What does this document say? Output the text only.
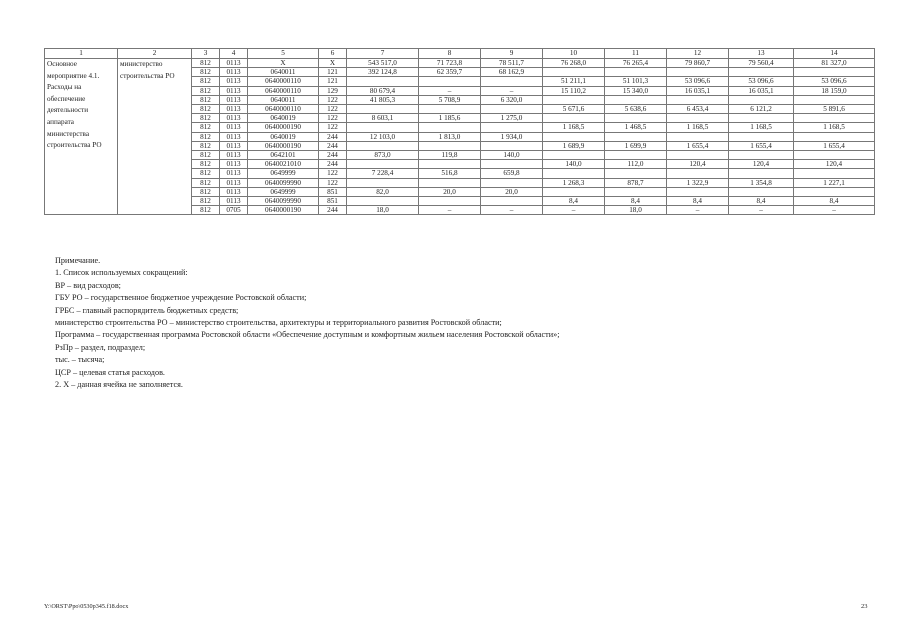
1	2	3	4	5	6	7	8	9	10	11	12	13	14
Основное мероприятие 4.1. Расходы на обеспечение деятельности аппарата министерства строительства РО	министерство строительства РО	812	0113	X	X	543 517,0	71 723,8	78 511,7	76 268,0	76 265,4	79 860,7	79 560,4	81 327,0
		812	0113	0640011	121	392 124,8	62 359,7	68 162,9					
		812	0113	0640000110	121				51 211,1	51 101,3	53 096,6	53 096,6	53 096,6
		812	0113	0640000110	129	80 679,4	–	–	15 110,2	15 340,0	16 035,1	16 035,1	18 159,0
		812	0113	0640011	122	41 805,3	5 708,9	6 320,0					
		812	0113	0640000110	122				5 671,6	5 638,6	6 453,4	6 121,2	5 891,6
		812	0113	0640019	122	8 603,1	1 185,6	1 275,0					
		812	0113	0640000190	122				1 168,5	1 468,5	1 168,5	1 168,5	1 168,5
		812	0113	0640019	244	12 103,0	1 813,0	1 934,0					
		812	0113	0640000190	244				1 689,9	1 699,9	1 655,4	1 655,4	1 655,4
		812	0113	0642101	244	873,0	119,8	140,0					
		812	0113	0640021010	244				140,0	112,0	120,4	120,4	120,4
		812	0113	0649999	122	7 228,4	516,8	659,8					
		812	0113	0640099990	122				1 268,3	878,7	1 322,9	1 354,8	1 227,1
		812	0113	0649999	851	82,0	20,0	20,0					
		812	0113	0640099990	851				8,4	8,4	8,4	8,4	8,4
		812	0705	0640000190	244	18,0	–	–	–	18,0	–	–	–
Примечание.
1. Список используемых сокращений:
ВР – вид расходов;
ГБУ РО – государственное бюджетное учреждение Ростовской области;
ГРБС – главный распорядитель бюджетных средств;
министерство строительства РО – министерство строительства, архитектуры и территориального развития Ростовской области;
Программа – государственная программа Ростовской области «Обеспечение доступным и комфортным жильем населения Ростовской области»;
РзПр – раздел, подраздел;
тыс. – тысяча;
ЦСР – целевая статья расходов.
2. Х – данная ячейка не заполняется.
Y:\ORST\Ppo\0530p345.f18.docx	23
